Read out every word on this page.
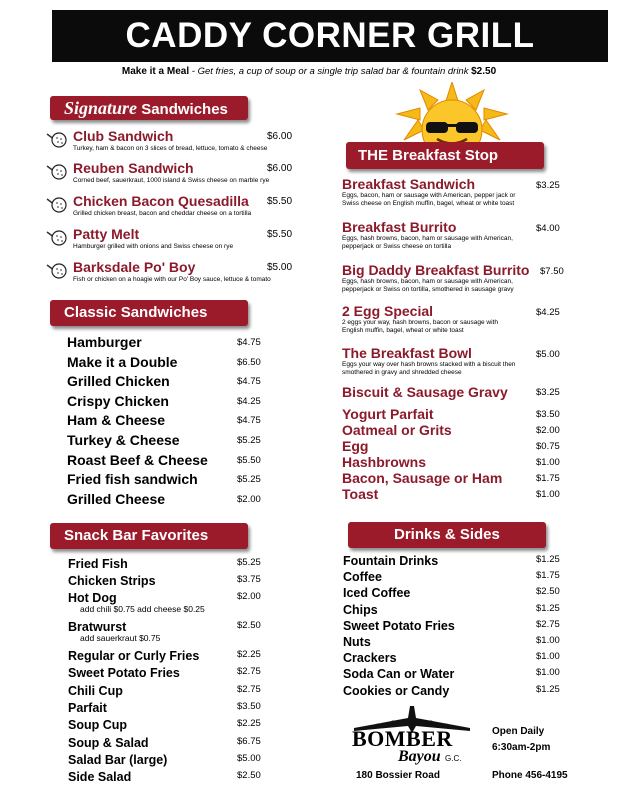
CADDY CORNER GRILL
Make it a Meal - Get fries, a cup of soup or a single trip salad bar & fountain drink $2.50
Signature Sandwiches
Club Sandwich	$6.00
Turkey, ham & bacon on 3 slices of bread, lettuce, tomato & cheese
Reuben Sandwich	$6.00
Corned beef, sauerkraut, 1000 island & Swiss cheese on marble rye
Chicken Bacon Quesadilla $5.50
Grilled chicken breast, bacon and cheddar cheese on a tortilla
Patty Melt	$5.50
Hamburger grilled with onions and Swiss cheese on rye
Barksdale Po' Boy	$5.00
Fish or chicken on a hoagie with our Po' Boy sauce, lettuce & tomato
Classic Sandwiches
Hamburger	$4.75
Make it a Double	$6.50
Grilled Chicken	$4.75
Crispy Chicken	$4.25
Ham & Cheese	$4.75
Turkey & Cheese	$5.25
Roast Beef & Cheese	$5.50
Fried fish sandwich	$5.25
Grilled Cheese	$2.00
Snack Bar Favorites
Fried Fish	$5.25
Chicken Strips	$3.75
Hot Dog	$2.00
add chili $0.75 add cheese $0.25
Bratwurst	$2.50
add sauerkraut $0.75
Regular or Curly Fries	$2.25
Sweet Potato Fries	$2.75
Chili Cup	$2.75
Parfait	$3.50
Soup Cup	$2.25
Soup & Salad	$6.75
Salad Bar (large)	$5.00
Side Salad	$2.50
THE Breakfast Stop
Breakfast Sandwich	$3.25
Eggs, bacon, ham or sausage with American, pepper jack or
Swiss cheese on English muffin, bagel, wheat or white toast
Breakfast Burrito	$4.00
Eggs, hash browns, bacon, ham or sausage with American,
pepperjack or Swiss cheese on tortilla
Big Daddy Breakfast Burrito	$7.50
Eggs, hash browns, bacon, ham or sausage with American,
pepperjack or Swiss on tortilla, smothered in sausage gravy
2 Egg Special	$4.25
2 eggs your way, hash browns, bacon or sausage with
English muffin, bagel, wheat or white toast
The Breakfast Bowl	$5.00
Eggs your way over hash browns stacked with a biscuit then
smothered in gravy and shredded cheese
Biscuit & Sausage Gravy	$3.25
Yogurt Parfait	$3.50
Oatmeal or Grits	$2.00
Egg	$0.75
Hashbrowns	$1.00
Bacon, Sausage or Ham	$1.75
Toast	$1.00
Drinks & Sides
Fountain Drinks	$1.25
Coffee	$1.75
Iced Coffee	$2.50
Chips	$1.25
Sweet Potato Fries	$2.75
Nuts	$1.00
Crackers	$1.00
Soda Can or Water	$1.00
Cookies or Candy	$1.25
BOMBER
Bayou G.C.
180 Bossier Road
Open Daily
6:30am-2pm
Phone 456-4195
